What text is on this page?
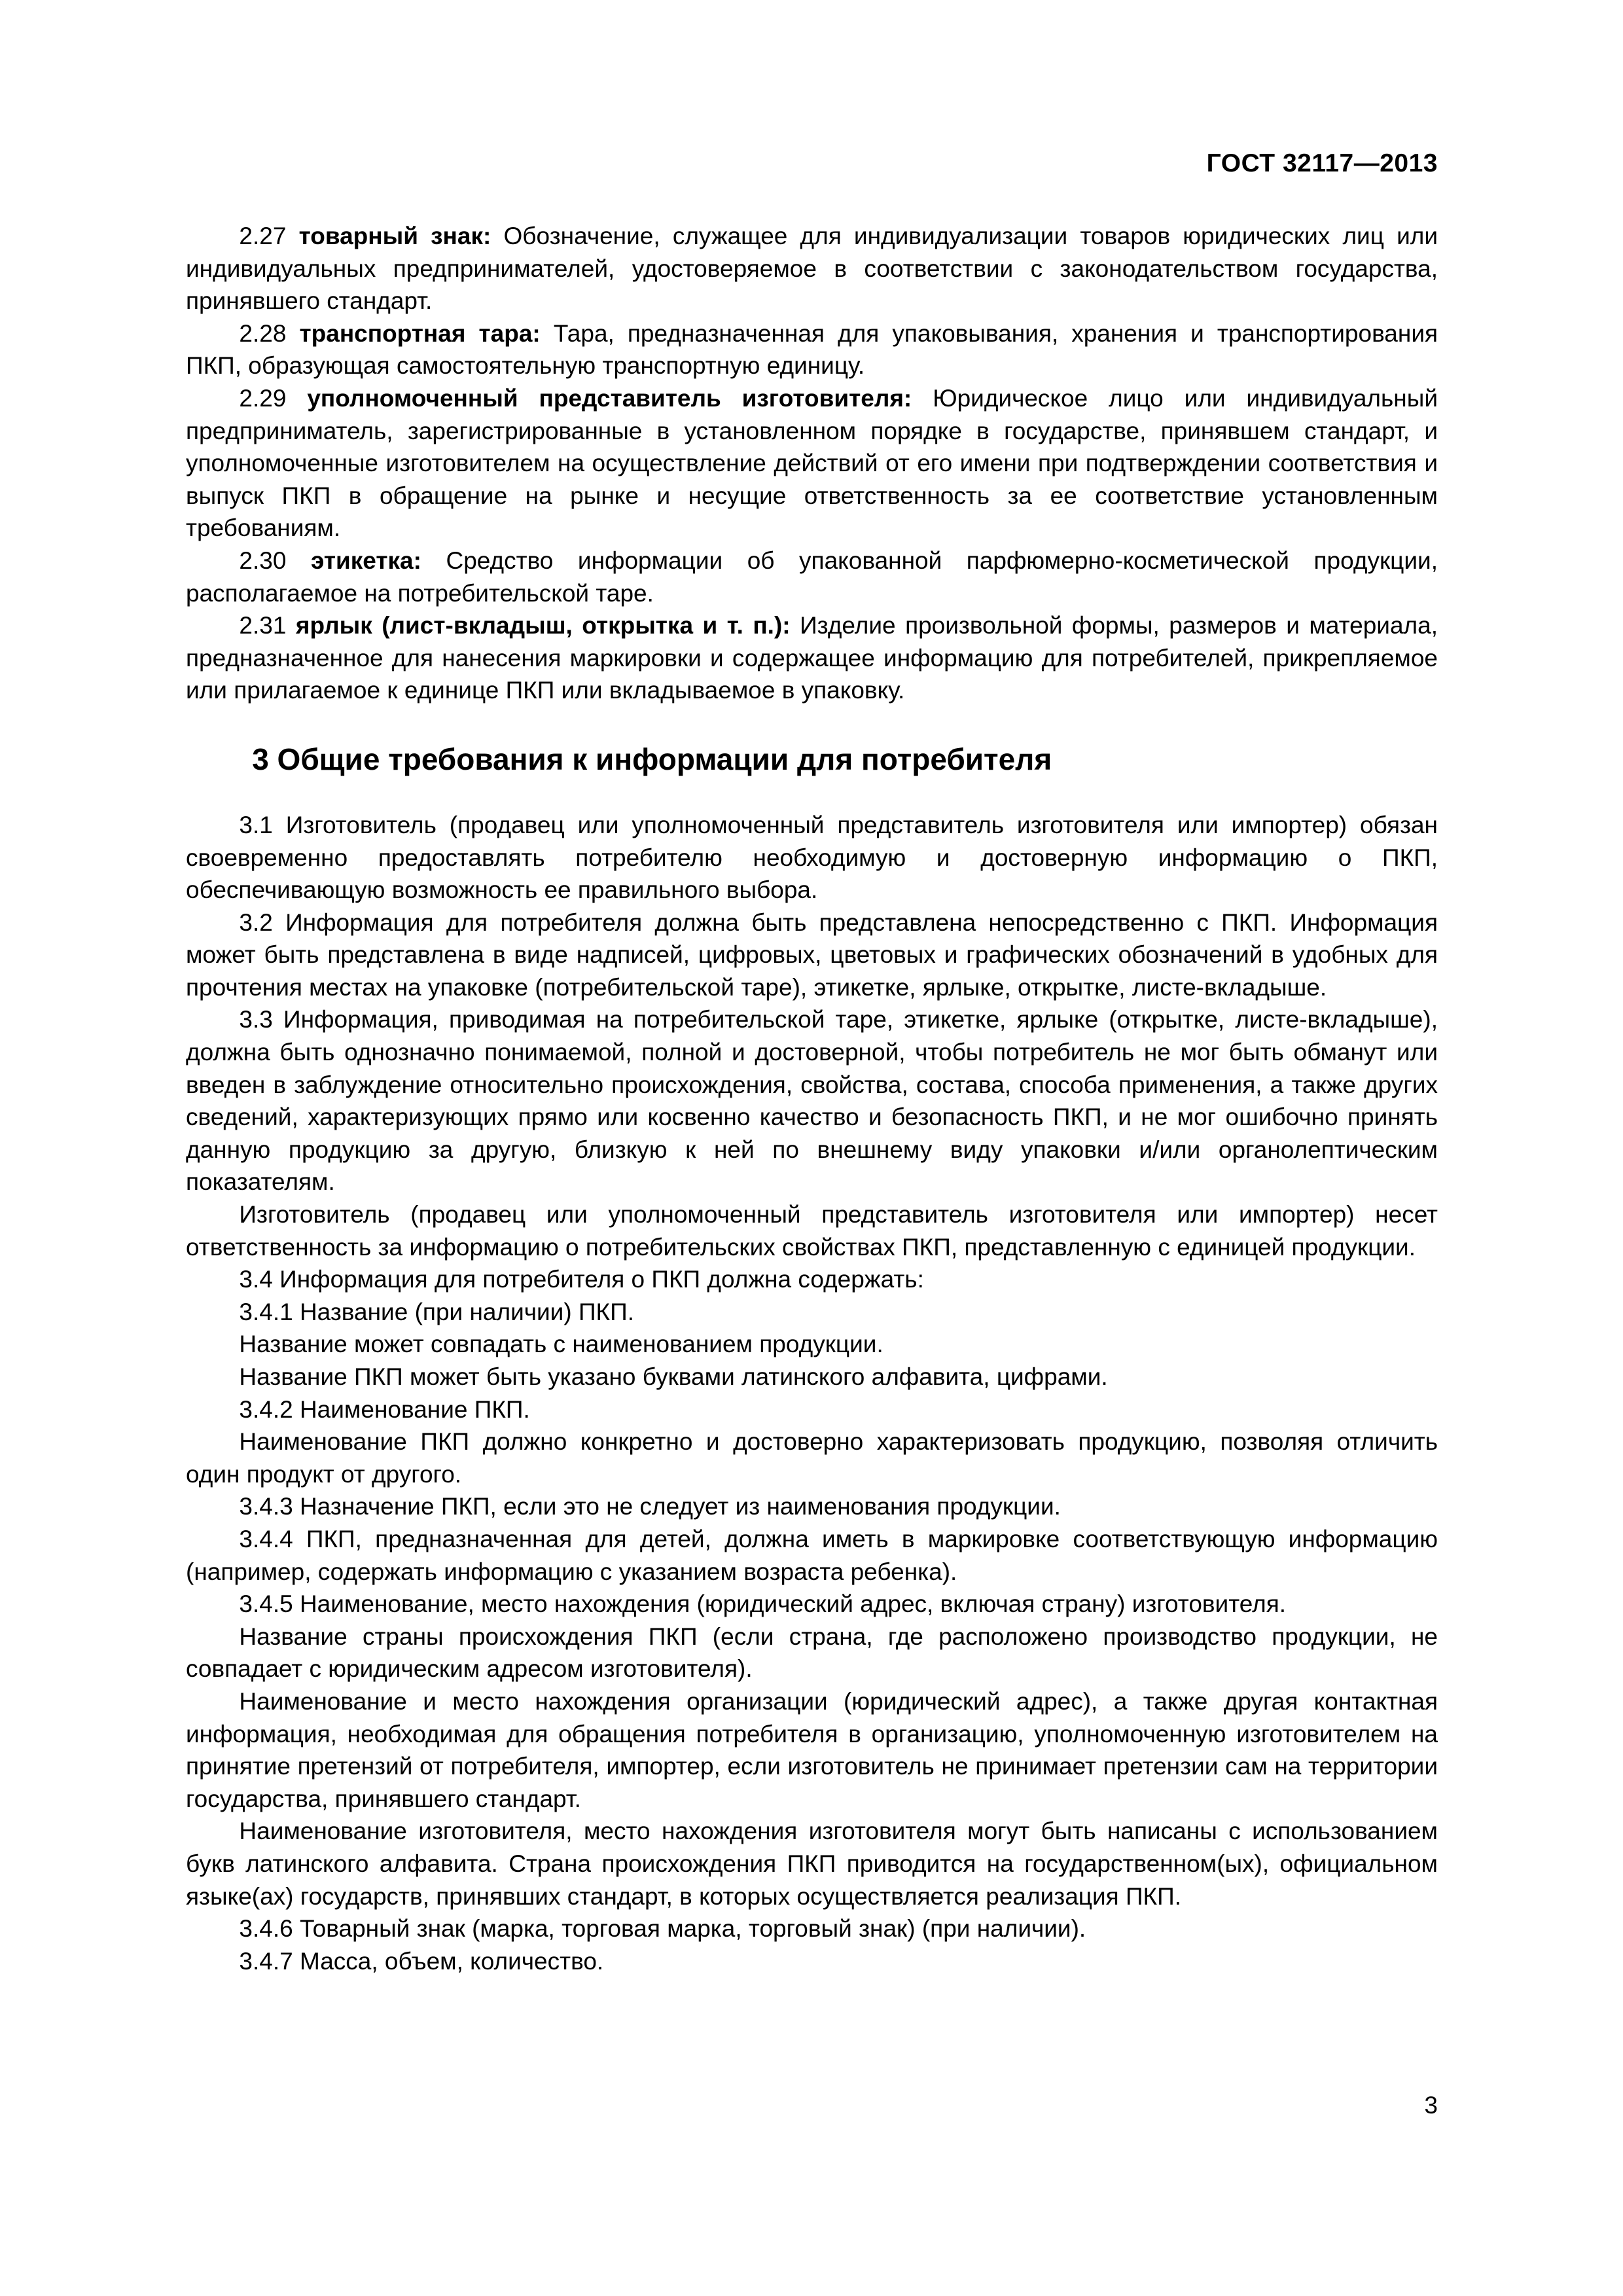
ГОСТ 32117—2013

2.27 товарный знак: Обозначение, служащее для индивидуализации товаров юридических лиц или индивидуальных предпринимателей, удостоверяемое в соответствии с законодательством государства, принявшего стандарт.

2.28 транспортная тара: Тара, предназначенная для упаковывания, хранения и транспортирования ПКП, образующая самостоятельную транспортную единицу.

2.29 уполномоченный представитель изготовителя: Юридическое лицо или индивидуальный предприниматель, зарегистрированные в установленном порядке в государстве, принявшем стандарт, и уполномоченные изготовителем на осуществление действий от его имени при подтверждении соответствия и выпуск ПКП в обращение на рынке и несущие ответственность за ее соответствие установленным требованиям.

2.30 этикетка: Средство информации об упакованной парфюмерно-косметической продукции, располагаемое на потребительской таре.

2.31 ярлык (лист-вкладыш, открытка и т. п.): Изделие произвольной формы, размеров и материала, предназначенное для нанесения маркировки и содержащее информацию для потребителей, прикрепляемое или прилагаемое к единице ПКП или вкладываемое в упаковку.

3 Общие требования к информации для потребителя

3.1 Изготовитель (продавец или уполномоченный представитель изготовителя или импортер) обязан своевременно предоставлять потребителю необходимую и достоверную информацию о ПКП, обеспечивающую возможность ее правильного выбора.

3.2 Информация для потребителя должна быть представлена непосредственно с ПКП. Информация может быть представлена в виде надписей, цифровых, цветовых и графических обозначений в удобных для прочтения местах на упаковке (потребительской таре), этикетке, ярлыке, открытке, листе-вкладыше.

3.3 Информация, приводимая на потребительской таре, этикетке, ярлыке (открытке, листе-вкладыше), должна быть однозначно понимаемой, полной и достоверной, чтобы потребитель не мог быть обманут или введен в заблуждение относительно происхождения, свойства, состава, способа применения, а также других сведений, характеризующих прямо или косвенно качество и безопасность ПКП, и не мог ошибочно принять данную продукцию за другую, близкую к ней по внешнему виду упаковки и/или органолептическим показателям.

Изготовитель (продавец или уполномоченный представитель изготовителя или импортер) несет ответственность за информацию о потребительских свойствах ПКП, представленную с единицей продукции.

3.4 Информация для потребителя о ПКП должна содержать:

3.4.1 Название (при наличии) ПКП.

Название может совпадать с наименованием продукции.

Название ПКП может быть указано буквами латинского алфавита, цифрами.

3.4.2 Наименование ПКП.

Наименование ПКП должно конкретно и достоверно характеризовать продукцию, позволяя отличить один продукт от другого.

3.4.3 Назначение ПКП, если это не следует из наименования продукции.

3.4.4 ПКП, предназначенная для детей, должна иметь в маркировке соответствующую информацию (например, содержать информацию с указанием возраста ребенка).

3.4.5 Наименование, место нахождения (юридический адрес, включая страну) изготовителя.

Название страны происхождения ПКП (если страна, где расположено производство продукции, не совпадает с юридическим адресом изготовителя).

Наименование и место нахождения организации (юридический адрес), а также другая контактная информация, необходимая для обращения потребителя в организацию, уполномоченную изготовителем на принятие претензий от потребителя, импортер, если изготовитель не принимает претензии сам на территории государства, принявшего стандарт.

Наименование изготовителя, место нахождения изготовителя могут быть написаны с использованием букв латинского алфавита. Страна происхождения ПКП приводится на государственном(ых), официальном языке(ах) государств, принявших стандарт, в которых осуществляется реализация ПКП.

3.4.6 Товарный знак (марка, торговая марка, торговый знак) (при наличии).

3.4.7 Масса, объем, количество.

3
